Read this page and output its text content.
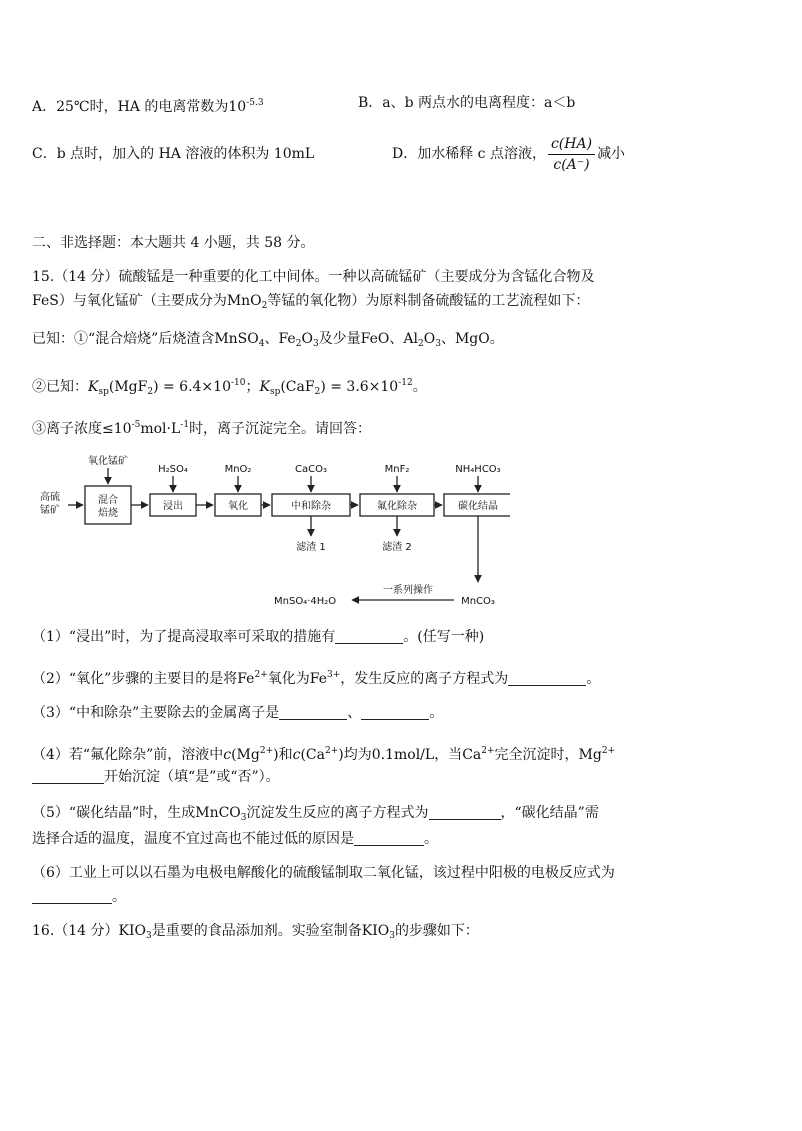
A．25℃时，HA 的电离常数为$10^{-5.3}$	B．a、b 两点水的电离程度：a＜b
C．b 点时，加入的 HA 溶液的体积为 10mL	D．加水稀释 c 点溶液， $\frac{c(HA)}{c(A^-)}$ 减小
二、非选择题：本大题共 4 小题，共 58 分。
15.（14 分）硫酸锰是一种重要的化工中间体。一种以高硫锰矿（主要成分为含锰化合物及
FeS）与氧化锰矿（主要成分为MnO$_2$等锰的氧化物）为原料制备硫酸锰的工艺流程如下：
已知：①“混合焙烧”后烧渣含MnSO$_4$、$Fe_2O_3$及少量FeO、$Al_2O_3$、MgO。
②已知：$K_{sp}(MgF_2) = 6.4\times 10^{-10}$；$K_{sp}(CaF_2) = 3.6\times 10^{-12}$。
③离子浓度$\le 10^{-5}mol\cdot L^{-1}$时，离子沉淀完全。请回答：
高硫
锰矿
氧化锰矿
H₂SO₄	MnO₂	CaCO₃	MnF₂	NH₄HCO₃
混合
焙烧
浸出	氧化	中和除杂	氟化除杂	碳化结晶
滤渣 1	滤渣 2
一系列操作
MnCO₃
MnSO₄·4H₂O
（1）“浸出”时，为了提高浸取率可采取的措施有	。(任写一种)
（2）“氧化”步骤的主要目的是将$Fe^{2+}$氧化为$Fe^{3+}$，发生反应的离子方程式为	。
（3）“中和除杂”主要除去的金属离子是	、	。
（4）若“氟化除杂”前，溶液中$c(Mg^{2+})$和$c(Ca^{2+})$均为0.1mol/L，当$Ca^{2+}$完全沉淀时，$Mg^{2+}$
开始沉淀（填“是”或“否”）。
（5）“碳化结晶”时，生成MnCO$_3$沉淀发生反应的离子方程式为	，“碳化结晶”需
选择合适的温度，温度不宜过高也不能过低的原因是	。
（6）工业上可以以石墨为电极电解酸化的硫酸锰制取二氧化锰，该过程中阳极的电极反应式为
。
16.（14 分）$KIO_3$是重要的食品添加剂。实验室制备$KIO_3$的步骤如下：
